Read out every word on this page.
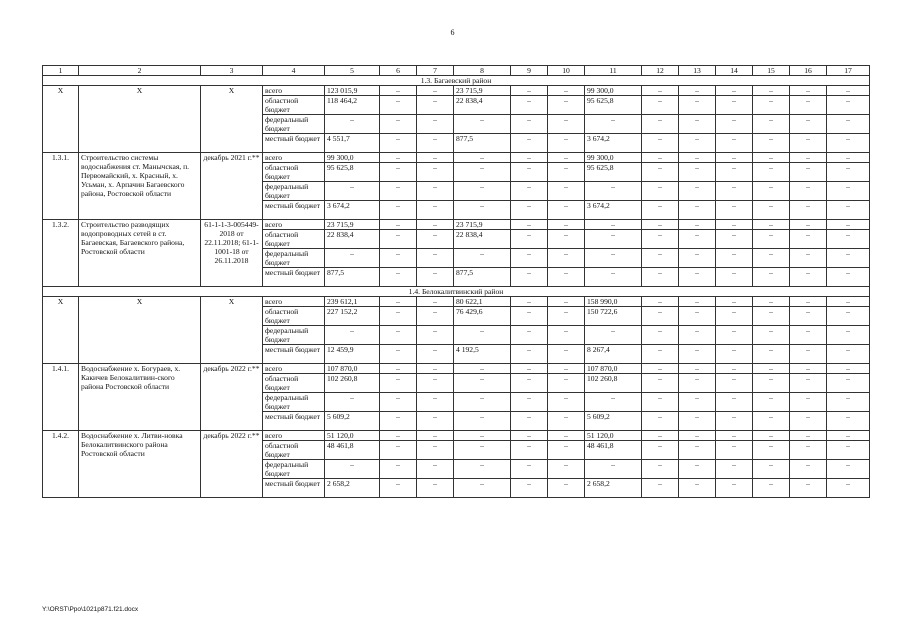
6
1	2	3	4	5	6	7	8	9	10	11	12	13	14	15	16	17
1.3. Багаевский район																
X	X	X	всего	123 015,9	–	–	23 715,9	–	–	99 300,0	–	–	–	–	–	–
			областной бюджет	118 464,2	–	–	22 838,4	–	–	95 625,8	–	–	–	–	–	–
			федеральный бюджет	–	–	–	–	–	–	–	–	–	–	–	–	–
			местный бюджет	4 551,7	–	–	877,5	–	–	3 674,2	–	–	–	–	–	–
1.3.1.	Строительство системы водоснабжения ст. Манычская, п. Первомайский, х. Красный, х. Усьман, х. Арпачин Багаевского района, Ростовской области	декабрь 2021 г.**	всего	99 300,0	–	–	–	–	–	99 300,0	–	–	–	–	–	–
			областной бюджет	95 625,8	–	–	–	–	–	95 625,8	–	–	–	–	–	–
			федеральный бюджет	–	–	–	–	–	–	–	–	–	–	–	–	–
			местный бюджет	3 674,2	–	–	–	–	–	3 674,2	–	–	–	–	–	–
1.3.2.	Строительство разводящих водопроводных сетей в ст. Багаевская, Багаевского района, Ростовской области	61-1-1-3-005449-2018 от 22.11.2018; 61-1-1001-18 от 26.11.2018	всего	23 715,9	–	–	23 715,9	–	–	–	–	–	–	–	–	–
			областной бюджет	22 838,4	–	–	22 838,4	–	–	–	–	–	–	–	–	–
			федеральный бюджет	–	–	–	–	–	–	–	–	–	–	–	–	–
			местный бюджет	877,5	–	–	877,5	–	–	–	–	–	–	–	–	–
1.4. Белокалитвинский район																
X	X	X	всего	239 612,1	–	–	80 622,1	–	–	158 990,0	–	–	–	–	–	–
			областной бюджет	227 152,2	–	–	76 429,6	–	–	150 722,6	–	–	–	–	–	–
			федеральный бюджет	–	–	–	–	–	–	–	–	–	–	–	–	–
			местный бюджет	12 459,9	–	–	4 192,5	–	–	8 267,4	–	–	–	–	–	–
1.4.1.	Водоснабжение х. Богураев, х. Какичев Белокалитвин-ского района Ростовской области	декабрь 2022 г.**	всего	107 870,0	–	–	–	–	–	107 870,0	–	–	–	–	–	–
			областной бюджет	102 260,8	–	–	–	–	–	102 260,8	–	–	–	–	–	–
			федеральный бюджет	–	–	–	–	–	–	–	–	–	–	–	–	–
			местный бюджет	5 609,2	–	–	–	–	–	5 609,2	–	–	–	–	–	–
1.4.2.	Водоснабжение х. Литви-новка Белокалитвинского района Ростовской области	декабрь 2022 г.**	всего	51 120,0	–	–	–	–	–	51 120,0	–	–	–	–	–	–
			областной бюджет	48 461,8	–	–	–	–	–	48 461,8	–	–	–	–	–	–
			федеральный бюджет	–	–	–	–	–	–	–	–	–	–	–	–	–
			местный бюджет	2 658,2	–	–	–	–	–	2 658,2	–	–	–	–	–	–
Y:\ORST\Ppo\1021p871.f21.docx
